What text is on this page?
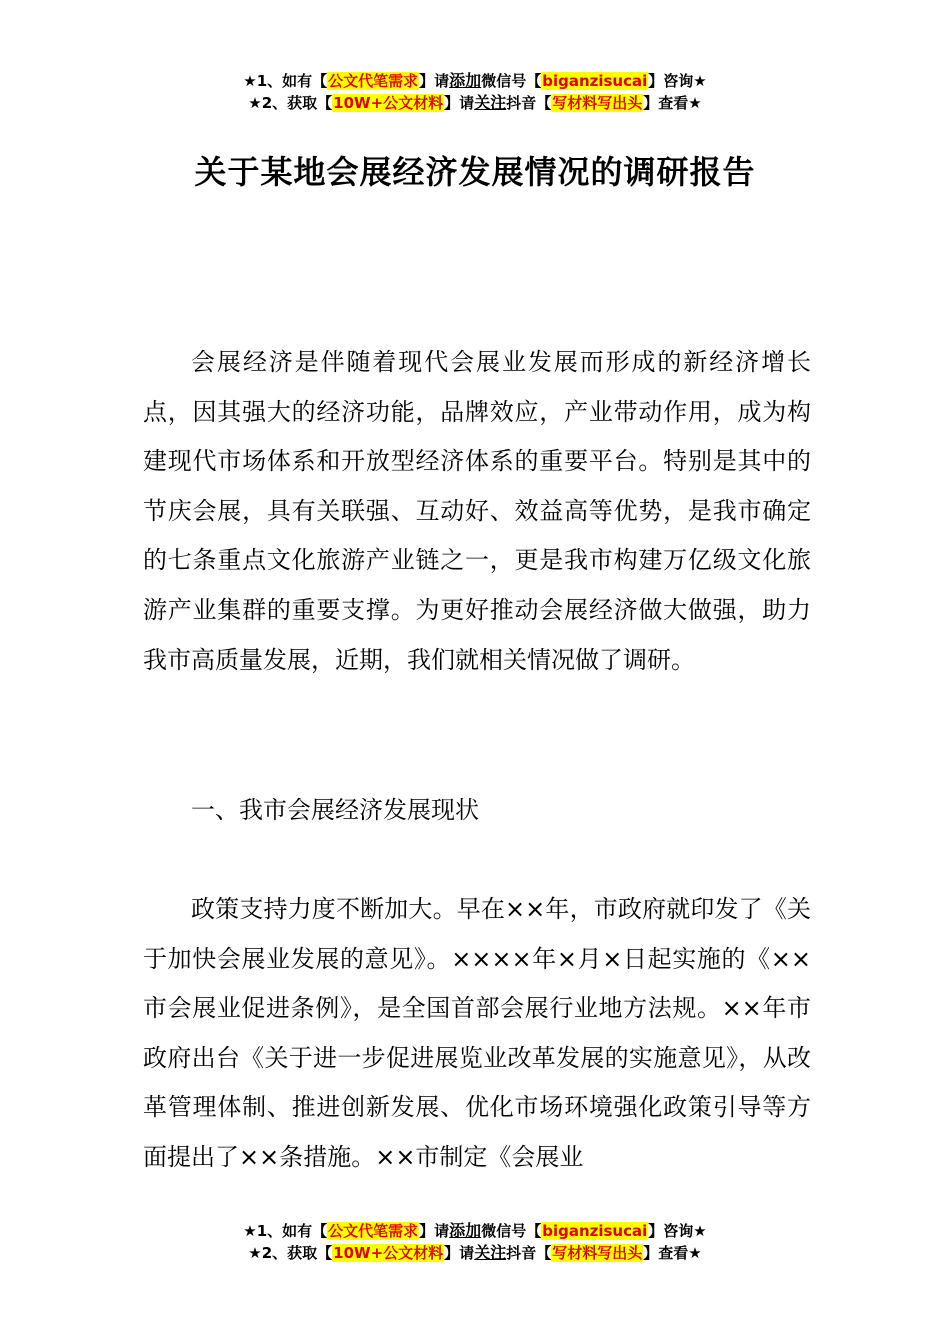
★1、如有【公文代笔需求】请添加微信号【biganzisucai】咨询★
★2、获取【10W+公文材料】请关注抖音【写材料写出头】查看★
关于某地会展经济发展情况的调研报告

会展经济是伴随着现代会展业发展而形成的新经济增长点，因其强大的经济功能，品牌效应，产业带动作用，成为构建现代市场体系和开放型经济体系的重要平台。特别是其中的节庆会展，具有关联强、互动好、效益高等优势，是我市确定的七条重点文化旅游产业链之一，更是我市构建万亿级文化旅游产业集群的重要支撑。为更好推动会展经济做大做强，助力我市高质量发展，近期，我们就相关情况做了调研。

一、我市会展经济发展现状

政策支持力度不断加大。早在××年，市政府就印发了《关于加快会展业发展的意见》。××××年×月×日起实施的《××市会展业促进条例》，是全国首部会展行业地方法规。××年市政府出台《关于进一步促进展览业改革发展的实施意见》，从改革管理体制、推进创新发展、优化市场环境强化政策引导等方面提出了××条措施。××市制定《会展业

★1、如有【公文代笔需求】请添加微信号【biganzisucai】咨询★
★2、获取【10W+公文材料】请关注抖音【写材料写出头】查看★
